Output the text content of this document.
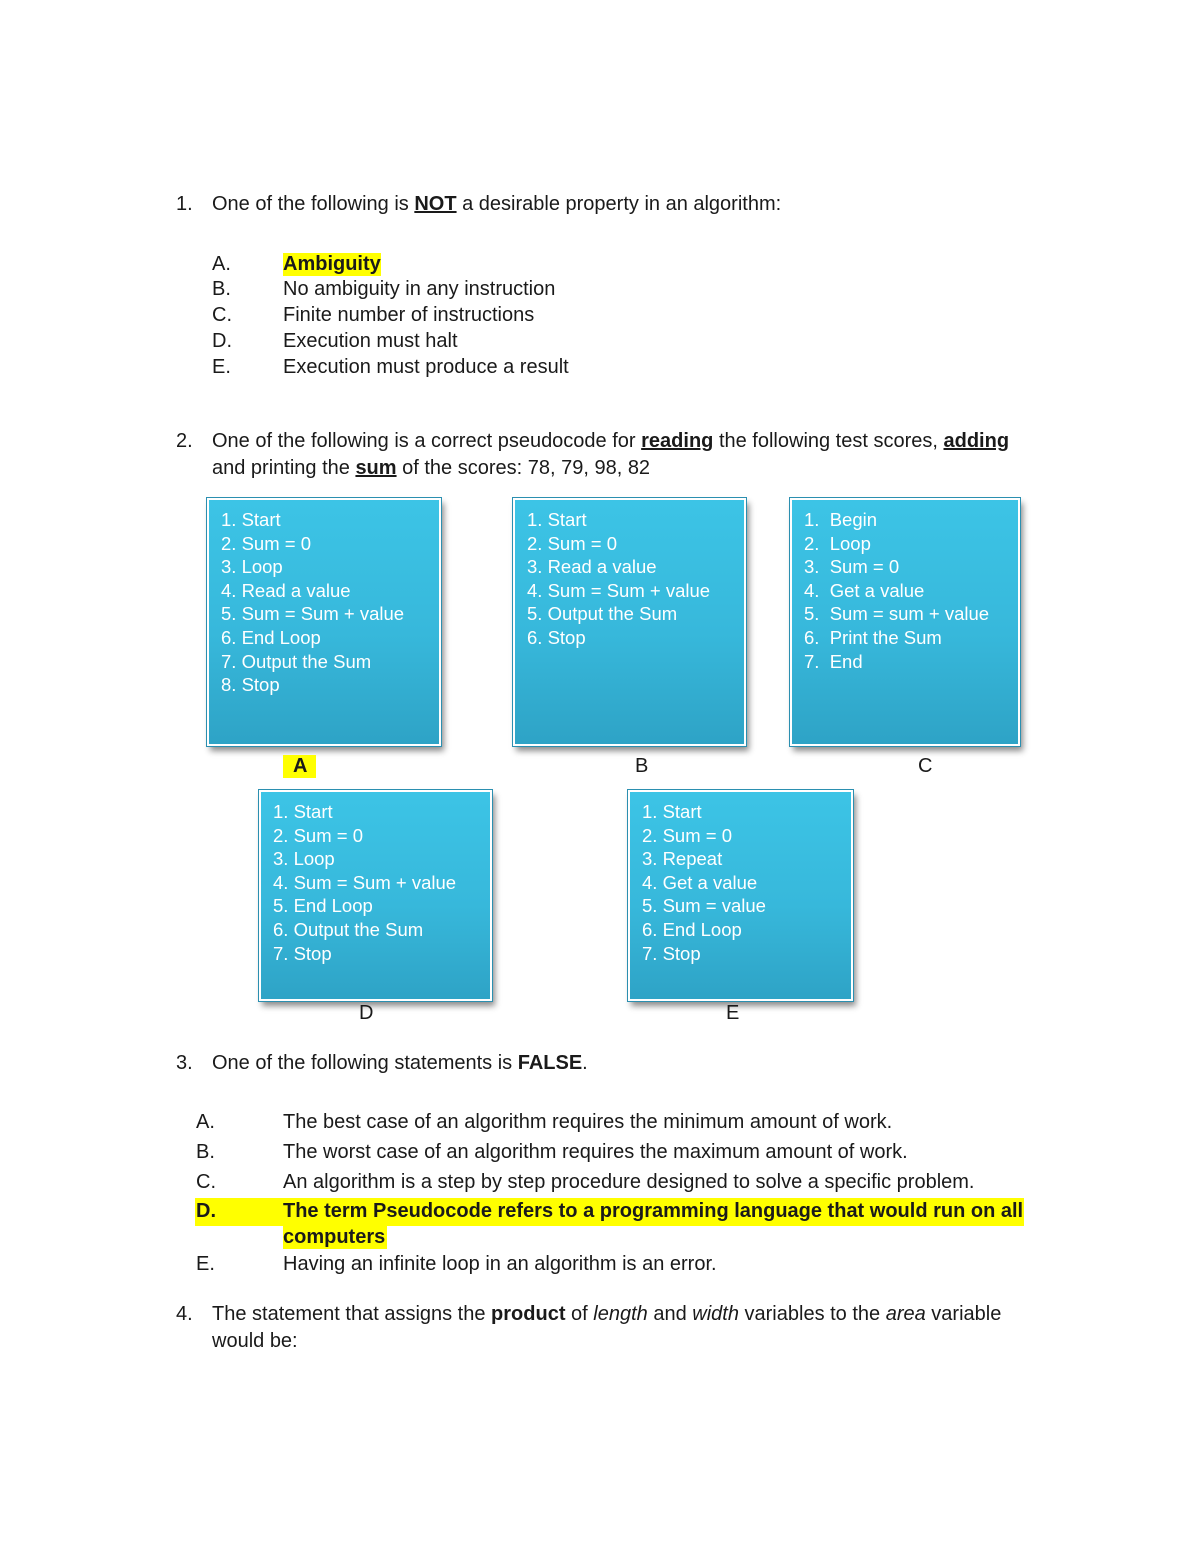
1. One of the following is NOT a desirable property in an algorithm:
A.	Ambiguity
B.	No ambiguity in any instruction
C.	Finite number of instructions
D.	Execution must halt
E.	Execution must produce a result
2. One of the following is a correct pseudocode for reading the following test scores, adding
and printing the sum of the scores: 78, 79, 98, 82
1. Start
2. Sum = 0
3. Loop
4. Read a value
5. Sum = Sum + value
6. End Loop
7. Output the Sum
8. Stop
A
1. Start
2. Sum = 0
3. Read a value
4. Sum = Sum + value
5. Output the Sum
6. Stop
B
1.  Begin
2.  Loop
3.  Sum = 0
4.  Get a value
5.  Sum = sum + value
6.  Print the Sum
7.  End
C
1. Start
2. Sum = 0
3. Loop
4. Sum = Sum + value
5. End Loop
6. Output the Sum
7. Stop
D
1. Start
2. Sum = 0
3. Repeat
4. Get a value
5. Sum = value
6. End Loop
7. Stop
E
3. One of the following statements is FALSE.
A.	The best case of an algorithm requires the minimum amount of work.
B.	The worst case of an algorithm requires the maximum amount of work.
C.	An algorithm is a step by step procedure designed to solve a specific problem.
D.	The term Pseudocode refers to a programming language that would run on all
computers
E.	Having an infinite loop in an algorithm is an error.
4. The statement that assigns the product of length and width variables to the area variable
would be:
